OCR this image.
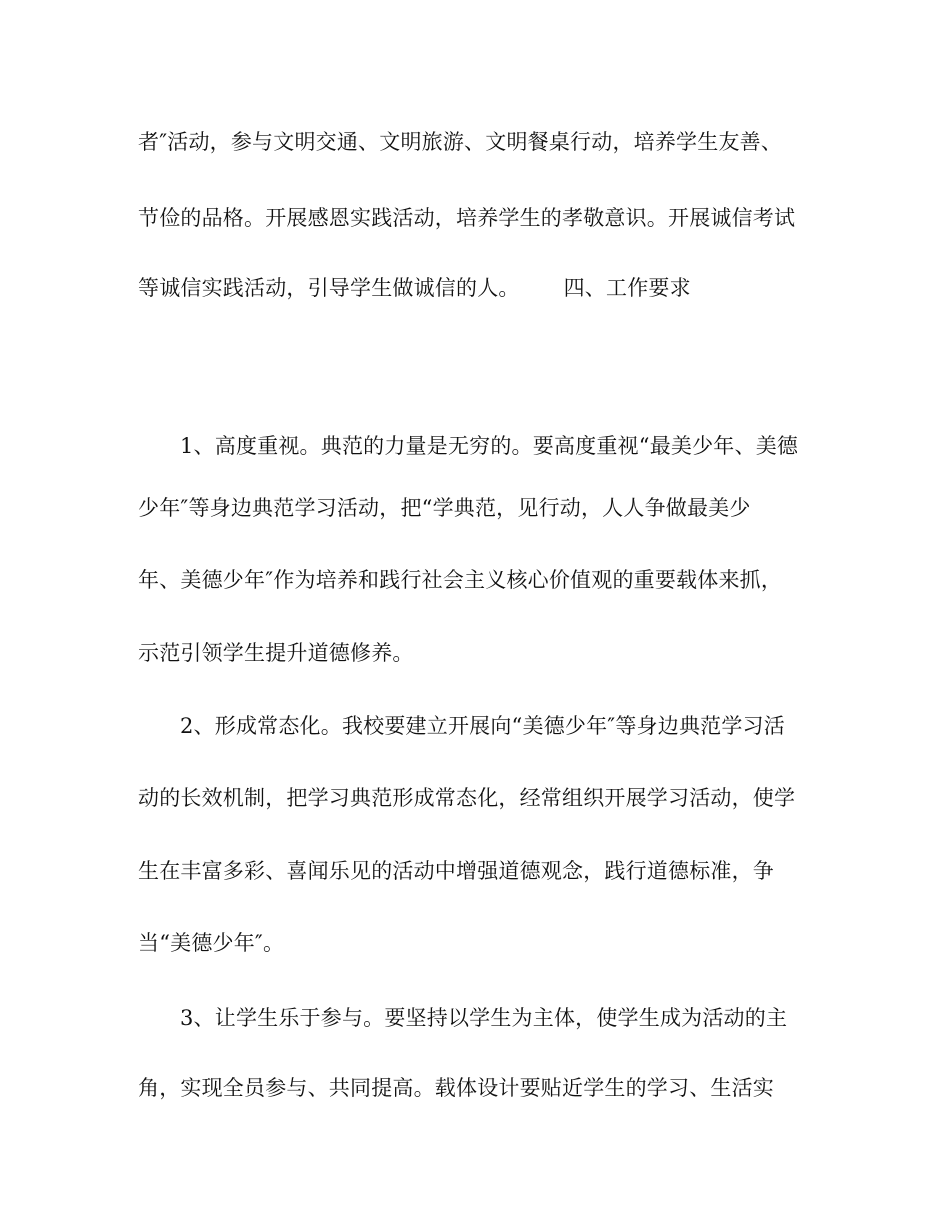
者″活动，参与文明交通、文明旅游、文明餐桌行动，培养学生友善、
节俭的品格。开展感恩实践活动，培养学生的孝敬意识。开展诚信考试
等诚信实践活动，引导学生做诚信的人。 四、工作要求
1、高度重视。典范的力量是无穷的。要高度重视“最美少年、美德
少年″等身边典范学习活动，把“学典范，见行动，人人争做最美少
年、美德少年″作为培养和践行社会主义核心价值观的重要载体来抓，
示范引领学生提升道德修养。
2、形成常态化。我校要建立开展向“美德少年″等身边典范学习活
动的长效机制，把学习典范形成常态化，经常组织开展学习活动，使学
生在丰富多彩、喜闻乐见的活动中增强道德观念，践行道德标准，争
当“美德少年″。
3、让学生乐于参与。要坚持以学生为主体，使学生成为活动的主
角，实现全员参与、共同提高。载体设计要贴近学生的学习、生活实
